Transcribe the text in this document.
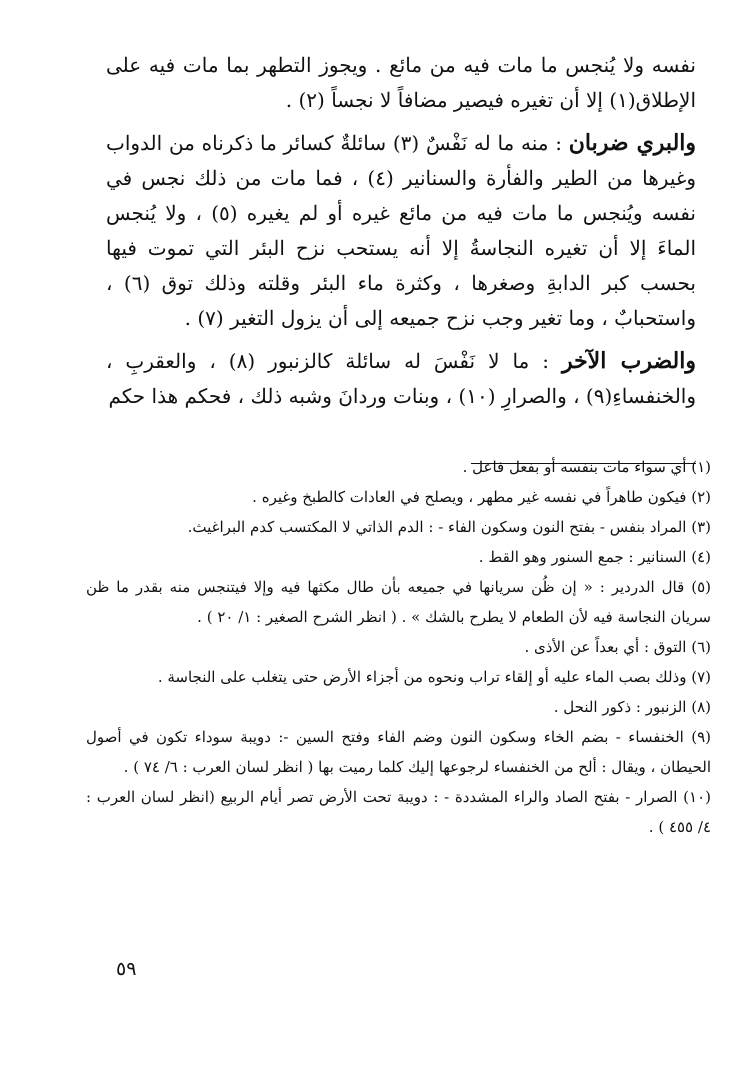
نفسه ولا يُنجس ما مات فيه من مائع . ويجوز التطهر بما مات فيه على الإطلاق(١) إلا أن تغيره فيصير مضافاً لا نجساً (٢) .

والبري ضربان : منه ما له نَفْسٌ (٣) سائلةٌ كسائر ما ذكرناه من الدواب وغيرها من الطير والفأرة والسنانير (٤) ، فما مات من ذلك نجس في نفسه ويُنجس ما مات فيه من مائع غيره أو لم يغيره (٥) ، ولا يُنجس الماءَ إلا أن تغيره النجاسةُ إلا أنه يستحب نزح البئر التي تموت فيها بحسب كبر الدابةِ وصغرها ، وكثرة ماء البئر وقلته وذلك توق (٦) ، واستحبابٌ ، وما تغير وجب نزح جميعه إلى أن يزول التغير (٧) .

والضرب الآخر : ما لا نَفْسَ له سائلة كالزنبور (٨) ، والعقربِ ، والخنفساءِ(٩) ، والصرارِ (١٠) ، وبنات وردانَ وشبه ذلك ، فحكم هذا حكم

(١) أي سواء مات بنفسه أو بفعل فاعل .

(٢) فيكون طاهراً في نفسه غير مطهر ، ويصلح في العادات كالطبخ وغيره .

(٣) المراد بنفس - بفتح النون وسكون الفاء - : الدم الذاتي لا المكتسب كدم البراغيث.

(٤) السنانير : جمع السنور وهو القط .

(٥) قال الدردير : « إن ظُن سريانها في جميعه بأن طال مكثها فيه وإلا فيتنجس منه بقدر ما ظن سريان النجاسة فيه لأن الطعام لا يطرح بالشك » . ( انظر الشرح الصغير : ١/ ٢٠ ) .

(٦) التوق : أي بعداً عن الأذى .

(٧) وذلك بصب الماء عليه أو إلقاء تراب ونحوه من أجزاء الأرض حتى يتغلب على النجاسة .

(٨) الزنبور : ذكور النحل .

(٩) الخنفساء - بضم الخاء وسكون النون وضم الفاء وفتح السين -: دويبة سوداء تكون في أصول الحيطان ، ويقال : ألح من الخنفساء لرجوعها إليك كلما رميت بها ( انظر لسان العرب : ٦/ ٧٤ ) .

(١٠) الصرار - بفتح الصاد والراء المشددة - : دويبة تحت الأرض تصر أيام الربيع (انظر لسان العرب : ٤/ ٤٥٥ ) .

٥٩
